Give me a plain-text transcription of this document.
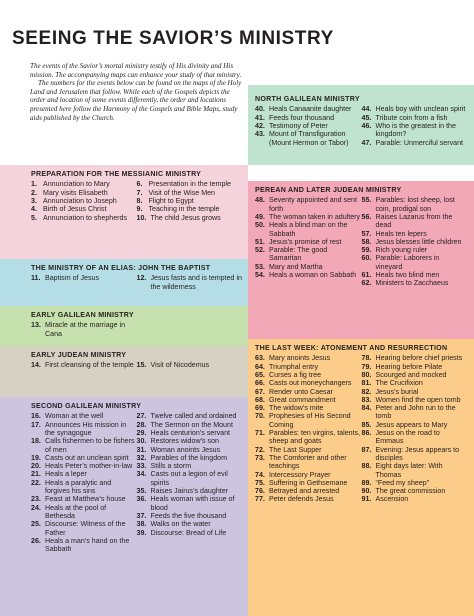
SEEING THE SAVIOR’S MINISTRY

The events of the Savior’s mortal ministry testify of His divinity and His mission. The accompanying maps can enhance your study of that ministry.

The numbers for the events below can be found on the maps of the Holy Land and Jerusalem that follow. While each of the Gospels depicts the order and location of some events differently, the order and locations presented here follow the Harmony of the Gospels and Bible Maps, study aids published by the Church.

NORTH GALILEAN MINISTRY
40. Heals Canaanite daughter
41. Feeds four thousand
42. Testimony of Peter
43. Mount of Transfiguration (Mount Hermon or Tabor)
44. Heals boy with unclean spirit
45. Tribute coin from a fish
46. Who is the greatest in the kingdom?
47. Parable: Unmerciful servant
PREPARATION FOR THE MESSIANIC MINISTRY
1. Annunciation to Mary
2. Mary visits Elisabeth
3. Annunciation to Joseph
4. Birth of Jesus Christ
5. Annunciation to shepherds
6. Presentation in the temple
7. Visit of the Wise Men
8. Flight to Egypt
9. Teaching in the temple
10. The child Jesus grows
THE MINISTRY OF AN ELIAS: JOHN THE BAPTIST
11. Baptism of Jesus	12. Jesus fasts and is tempted in the wilderness
EARLY GALILEAN MINISTRY
13. Miracle at the marriage in Cana
EARLY JUDEAN MINISTRY
14. First cleansing of the temple 15. Visit of Nicodemus
SECOND GALILEAN MINISTRY
16. Woman at the well
17. Announces His mission in the synagogue
18. Calls fishermen to be fishers of men
19. Casts out an unclean spirit
20. Heals Peter’s mother-in-law
21. Heals a leper
22. Heals a paralytic and forgives his sins
23. Feast at Matthew’s house
24. Heals at the pool of Bethesda
25. Discourse: Witness of the Father
26. Heals a man’s hand on the Sabbath
27. Twelve called and ordained
28. The Sermon on the Mount
29. Heals centurion’s servant
30. Restores widow’s son
31. Woman anoints Jesus
32. Parables of the kingdom
33. Stills a storm
34. Casts out a legion of evil spirits
35. Raises Jairus’s daughter
36. Heals woman with issue of blood
37. Feeds the five thousand
38. Walks on the water
39. Discourse: Bread of Life
PEREAN AND LATER JUDEAN MINISTRY
48. Seventy appointed and sent forth
49. The woman taken in adultery
50. Heals a blind man on the Sabbath
51. Jesus’s promise of rest
52. Parable: The good Samaritan
53. Mary and Martha
54. Heals a woman on Sabbath
55. Parables: lost sheep, lost coin, prodigal son
56. Raises Lazarus from the dead
57. Heals ten lepers
58. Jesus blesses little children
59. Rich young ruler
60. Parable: Laborers in vineyard
61. Heals two blind men
62. Ministers to Zacchaeus
THE LAST WEEK: ATONEMENT AND RESURRECTION
63. Mary anoints Jesus
64. Triumphal entry
65. Curses a fig tree
66. Casts out moneychangers
67. Render unto Caesar
68. Great commandment
69. The widow’s mite
70. Prophesies of His Second Coming
71. Parables: ten virgins, talents, sheep and goats
72. The Last Supper
73. The Comforter and other teachings
74. Intercessory Prayer
75. Suffering in Gethsemane
76. Betrayed and arrested
77. Peter defends Jesus
78. Hearing before chief priests
79. Hearing before Pilate
80. Scourged and mocked
81. The Crucifixion
82. Jesus’s burial
83. Women find the open tomb
84. Peter and John run to the tomb
85. Jesus appears to Mary
86. Jesus on the road to Emmaus
87. Evening: Jesus appears to disciples
88. Eight days later: With Thomas
89. “Feed my sheep”
90. The great commission
91. Ascension
